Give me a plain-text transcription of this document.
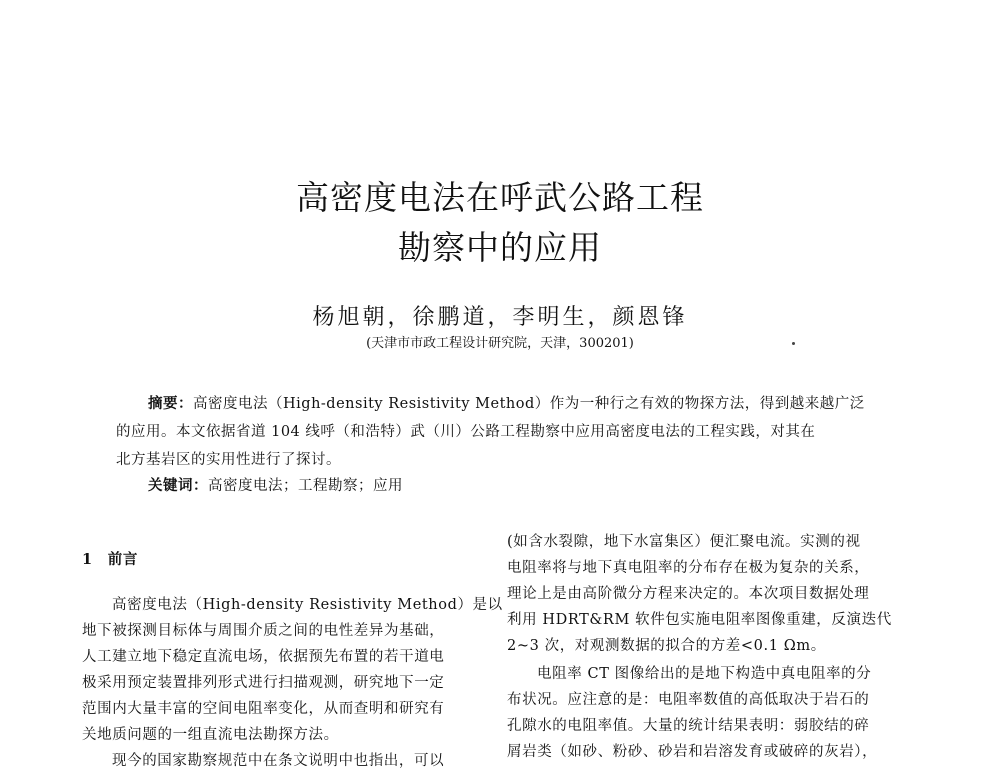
高密度电法在呼武公路工程
勘察中的应用
杨旭朝，徐鹏道，李明生，颜恩锋
(天津市市政工程设计研究院，天津，300201)
摘要：高密度电法（High-density Resistivity Method）作为一种行之有效的物探方法，得到越来越广泛
的应用。本文依据省道 104 线呼（和浩特）武（川）公路工程勘察中应用高密度电法的工程实践，对其在
北方基岩区的实用性进行了探讨。
关键词：高密度电法；工程勘察；应用
1　前言
高密度电法（High-density Resistivity Method）是以
地下被探测目标体与周围介质之间的电性差异为基础，
人工建立地下稳定直流电场，依据预先布置的若干道电
极采用预定装置排列形式进行扫描观测，研究地下一定
范围内大量丰富的空间电阻率变化，从而查明和研究有
关地质问题的一组直流电法勘探方法。
现今的国家勘察规范中在条文说明中也指出，可以
(如含水裂隙，地下水富集区）便汇聚电流。实测的视
电阻率将与地下真电阻率的分布存在极为复杂的关系，
理论上是由高阶微分方程来决定的。本次项目数据处理
利用 HDRT&RM 软件包实施电阻率图像重建，反演迭代
2~3 次，对观测数据的拟合的方差<0.1 Ωm。
电阻率 CT 图像给出的是地下构造中真电阻率的分
布状况。应注意的是：电阻率数值的高低取决于岩石的
孔隙水的电阻率值。大量的统计结果表明：弱胶结的碎
屑岩类（如砂、粉砂、砂岩和岩溶发育或破碎的灰岩），
